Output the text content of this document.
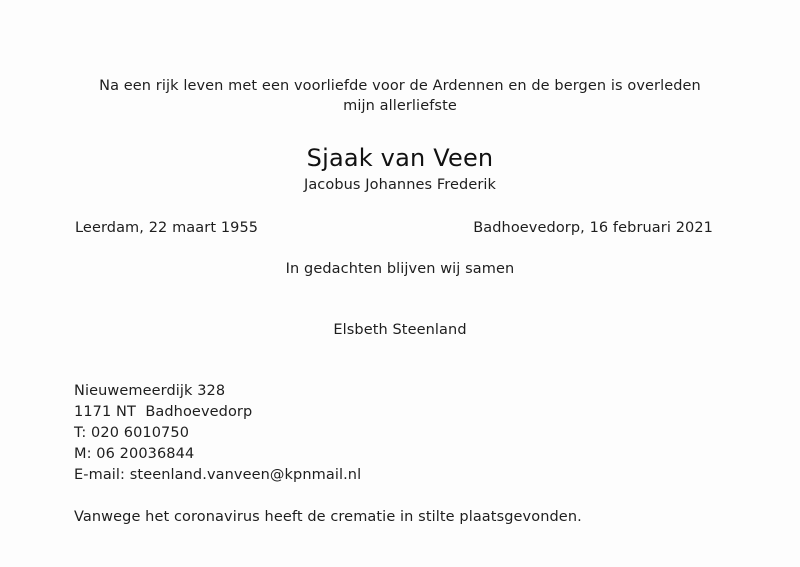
Na een rijk leven met een voorliefde voor de Ardennen en de bergen is overleden
mijn allerliefste
Sjaak van Veen
Jacobus Johannes Frederik
Leerdam, 22 maart 1955	Badhoevedorp, 16 februari 2021
In gedachten blijven wij samen
Elsbeth Steenland
Nieuwemeerdijk 328
1171 NT  Badhoevedorp
T: 020 6010750
M: 06 20036844
E-mail: steenland.vanveen@kpnmail.nl
Vanwege het coronavirus heeft de crematie in stilte plaatsgevonden.
